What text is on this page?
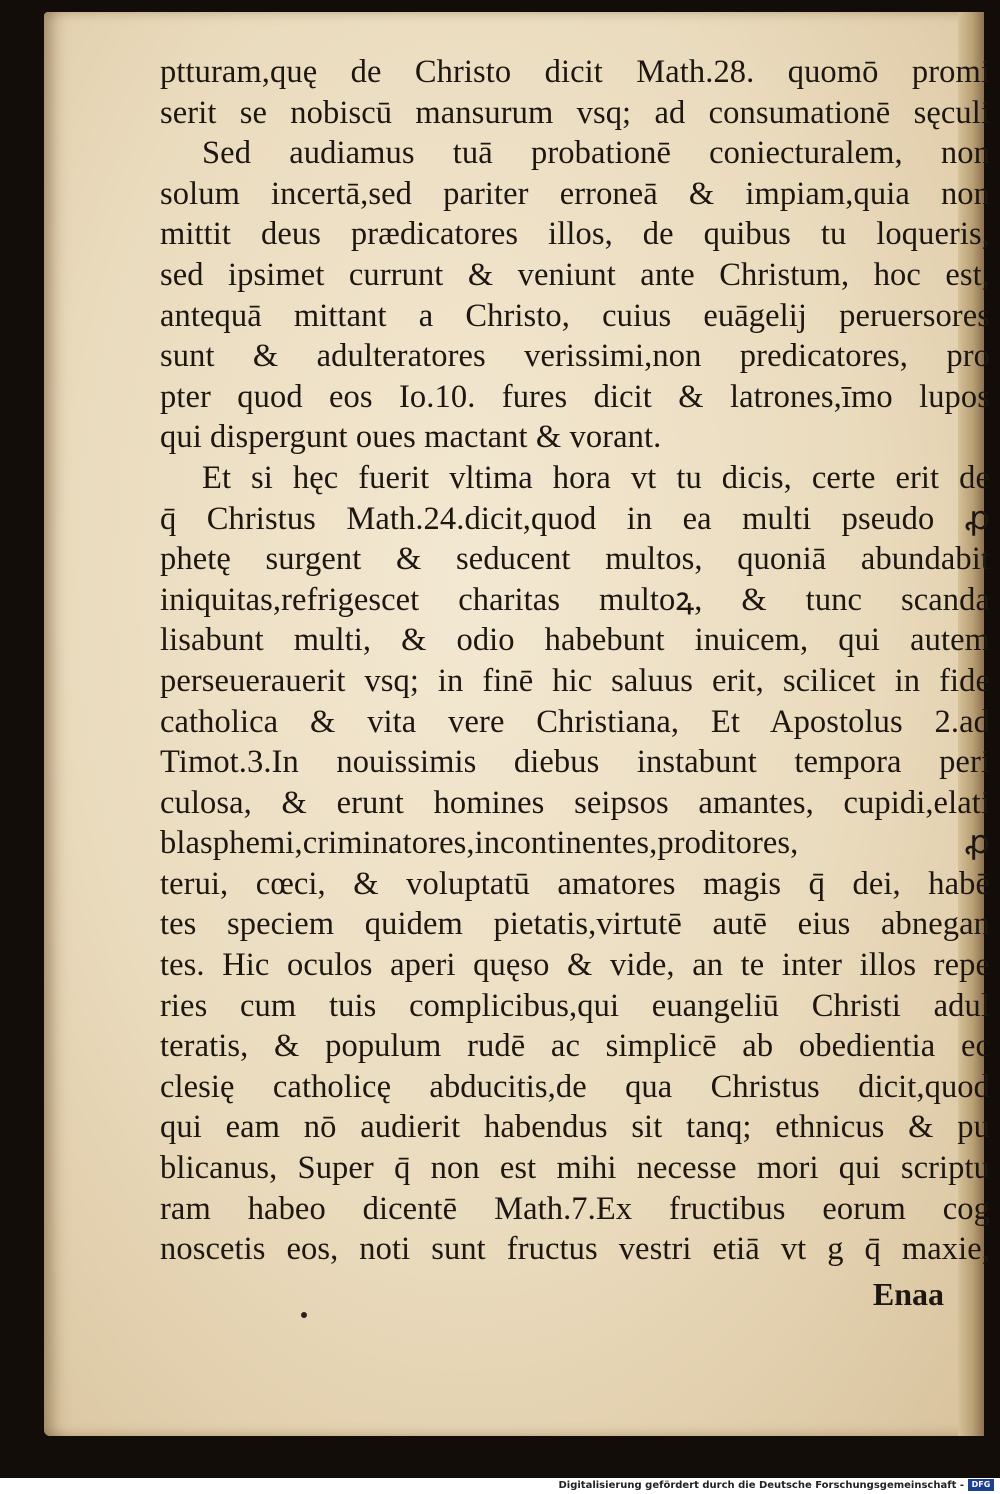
ptturam,quę de Christo dicit Math.28. quomō promi
serit se nobiscū mansurum vsq; ad consumationē sęculi
Sed audiamus tuā probationē coniecturalem, non
solum incertā,sed pariter erroneā & impiam,quia non
mittit deus prædicatores illos, de quibus tu loqueris,
sed ipsimet currunt & veniunt ante Christum, hoc est,
antequā mittant a Christo, cuius euāgelij peruersores
sunt & adulteratores verissimi,non predicatores, pro
pter quod eos Io.10. fures dicit & latrones,īmo lupos
qui dispergunt oues mactant & vorant.
Et si hęc fuerit vltima hora vt tu dicis, certe erit de
q̄ Christus Math.24.dicit,quod in ea multi pseudo ꝓ
phetę surgent & seducent multos, quoniā abundabit
iniquitas,refrigescet charitas multoꝝ, & tunc scanda
lisabunt multi, & odio habebunt inuicem, qui autem
perseuerauerit vsq; in finē hic saluus erit, scilicet in fide
catholica & vita vere Christiana, Et Apostolus 2.ad
Timot.3.In nouissimis diebus instabunt tempora peri
culosa, & erunt homines seipsos amantes, cupidi,elati
blasphemi,criminatores,incontinentes,proditores, ꝓ
terui, cœci, & voluptatū amatores magis q̄ dei, habē
tes speciem quidem pietatis,virtutē autē eius abnegan
tes. Hic oculos aperi quęso & vide, an te inter illos repe
ries cum tuis complicibus,qui euangeliū Christi adul
teratis, & populum rudē ac simplicē ab obedientia ec
clesię catholicę abducitis,de qua Christus dicit,quod
qui eam nō audierit habendus sit tanq; ethnicus & pu
blicanus, Super q̄ non est mihi necesse mori qui scriptu
ram habeo dicentē Math.7.Ex fructibus eorum cog
noscetis eos, noti sunt fructus vestri etiā vt g q̄ maxie,
Enaa
Digitalisierung gefördert durch die Deutsche Forschungsgemeinschaft - DFG
